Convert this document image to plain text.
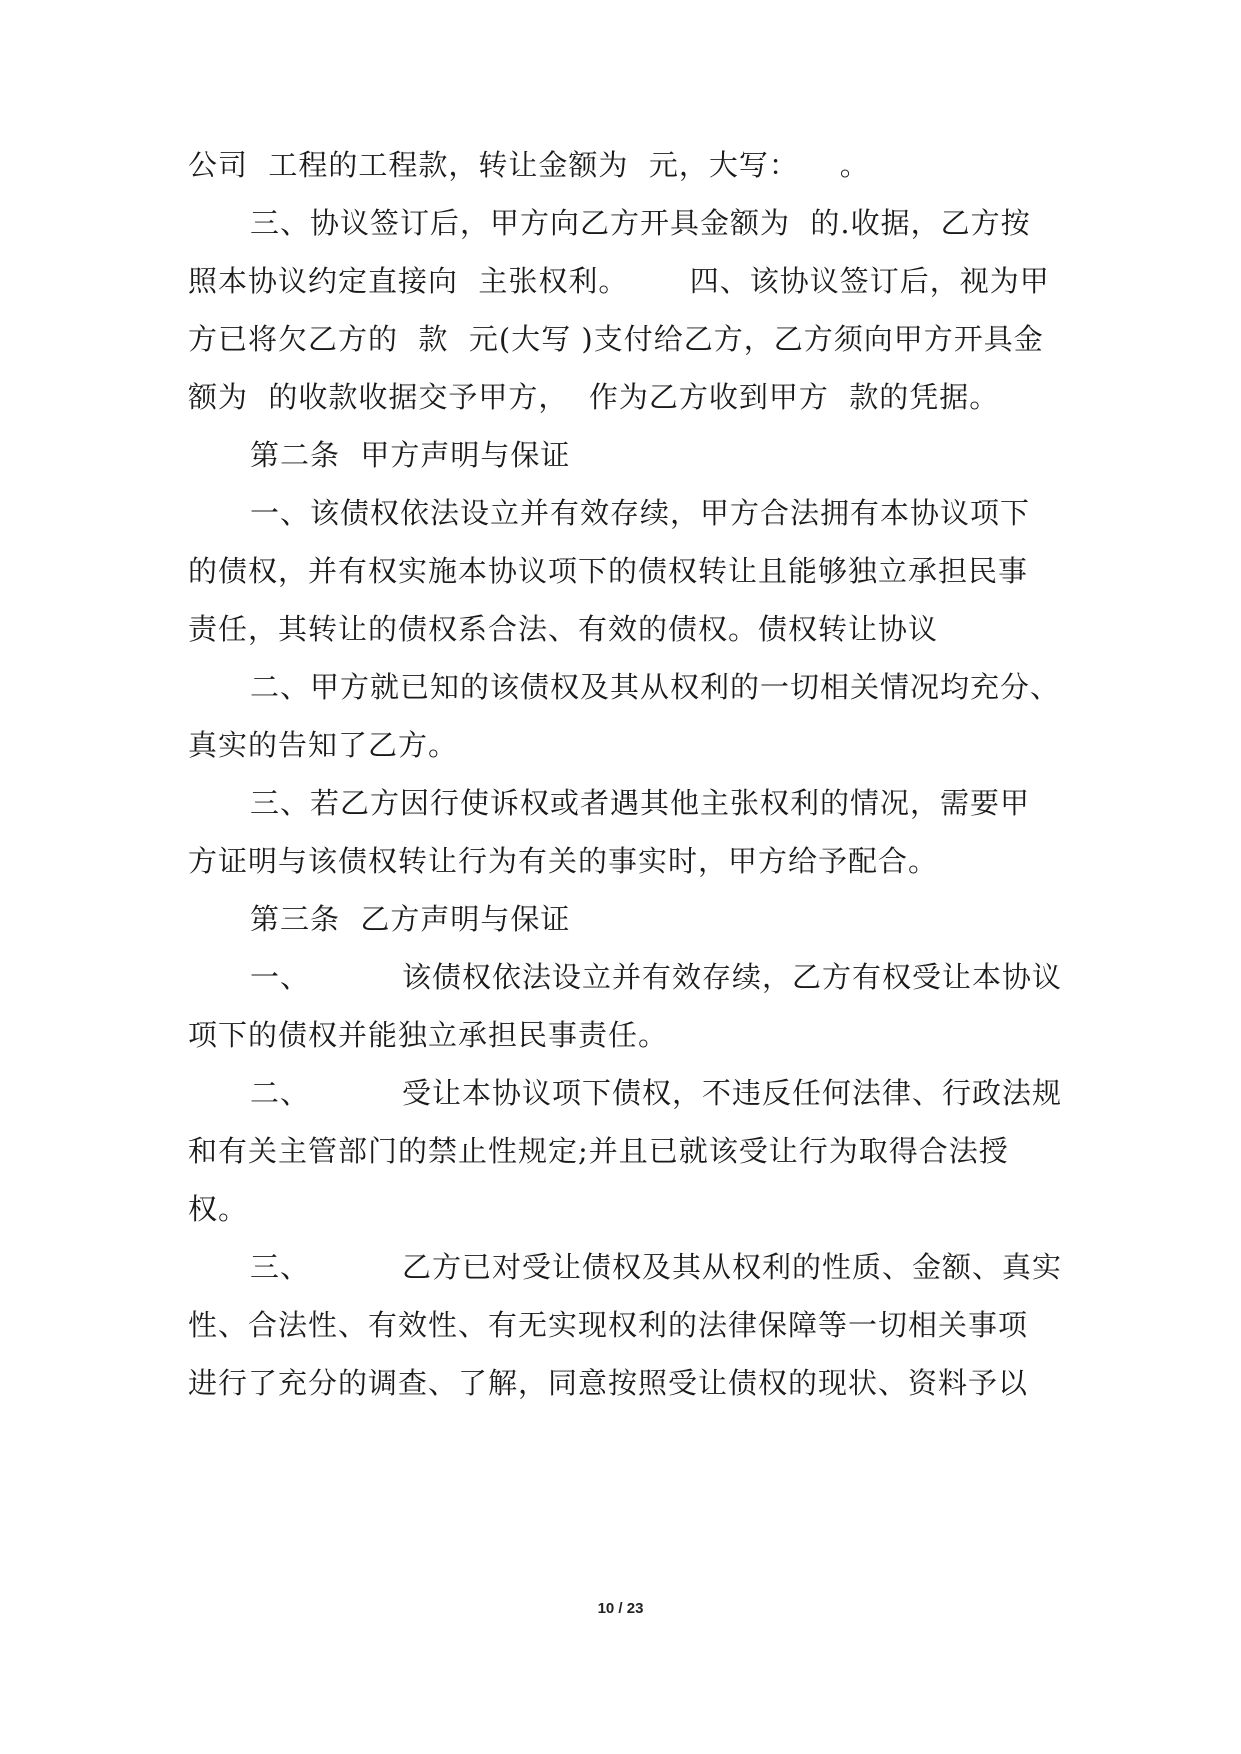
公司  工程的工程款，转让金额为  元，大写：    。
三、协议签订后，甲方向乙方开具金额为  的.收据，乙方按
照本协议约定直接向  主张权利。      四、该协议签订后，视为甲
方已将欠乙方的  款  元(大写 )支付给乙方，乙方须向甲方开具金
额为  的收款收据交予甲方，  作为乙方收到甲方  款的凭据。
第二条  甲方声明与保证
一、该债权依法设立并有效存续，甲方合法拥有本协议项下
的债权，并有权实施本协议项下的债权转让且能够独立承担民事
责任，其转让的债权系合法、有效的债权。债权转让协议
二、甲方就已知的该债权及其从权利的一切相关情况均充分、
真实的告知了乙方。
三、若乙方因行使诉权或者遇其他主张权利的情况，需要甲
方证明与该债权转让行为有关的事实时，甲方给予配合。
第三条  乙方声明与保证
一、         该债权依法设立并有效存续，乙方有权受让本协议
项下的债权并能独立承担民事责任。
二、         受让本协议项下债权，不违反任何法律、行政法规
和有关主管部门的禁止性规定;并且已就该受让行为取得合法授
权。
三、         乙方已对受让债权及其从权利的性质、金额、真实
性、合法性、有效性、有无实现权利的法律保障等一切相关事项
进行了充分的调查、了解，同意按照受让债权的现状、资料予以
10 / 23
